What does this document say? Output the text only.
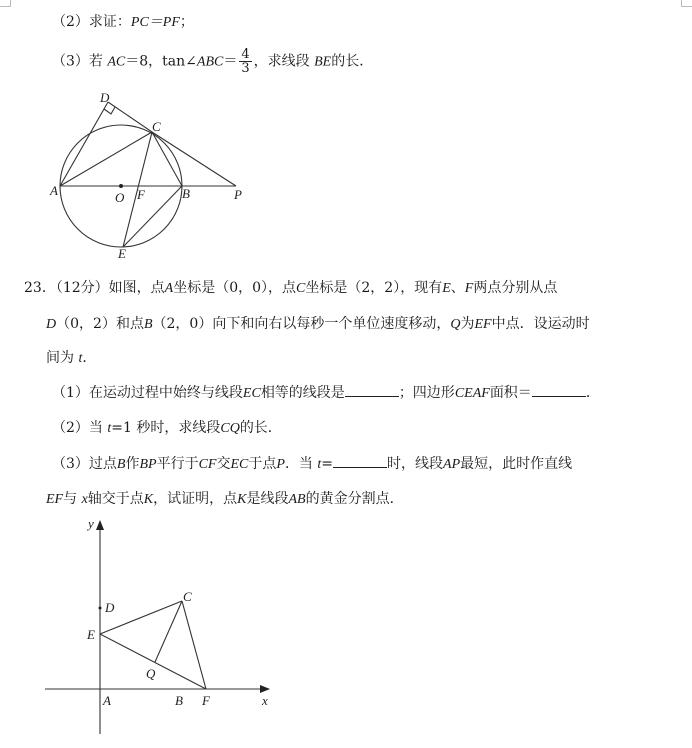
（2）求证：PC＝PF；
（3）若 AC＝8，tan∠ABC＝ $\frac{4}{3}$ ，求线段 BE的长．
D
C
A	O F	B	P
E
23．（12分）如图，点A坐标是（0，0），点C坐标是（2，2），现有E、F两点分别从点
D（0，2）和点B（2，0）向下和向右以每秒一个单位速度移动，Q为EF中点．设运动时
间为 t．
（1）在运动过程中始终与线段EC相等的线段是	；四边形CEAF面积＝	．
（2）当 t=1 秒时，求线段CQ的长．
（3）过点B作BP平行于CF交EC于点P．当 t=	时，线段AP最短，此时作直线
EF与 x轴交于点K，试证明，点K是线段AB的黄金分割点．
y
D
C
E
Q
A	B F	x
